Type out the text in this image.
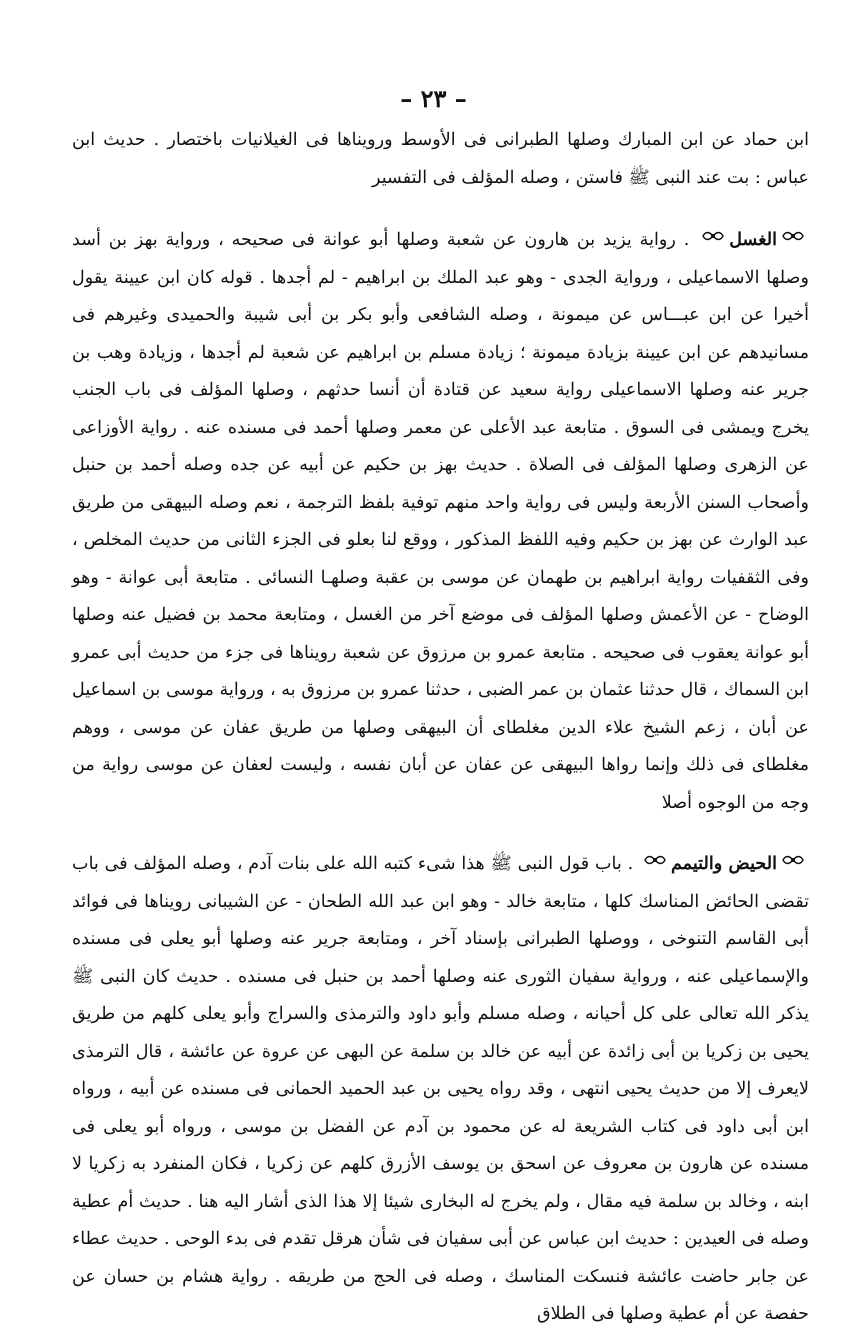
– ٢٣ –

ابن حماد عن ابن المبارك وصلها الطبرانى فى الأوسط ورويناها فى الغيلانيات باختصار . حديث ابن عباس : بت عند النبى ﷺ فاستن ، وصله المؤلف فى التفسير

الغسل . رواية يزيد بن هارون عن شعبة وصلها أبو عوانة فى صحيحه ، ورواية بهز بن أسد وصلها الاسماعيلى ، ورواية الجدى - وهو عبد الملك بن ابراهيم - لم أجدها . قوله كان ابن عيينة يقول أخيرا عن ابن عبـــاس عن ميمونة ، وصله الشافعى وأبو بكر بن أبى شيبة والحميدى وغيرهم فى مسانيدهم عن ابن عيينة بزيادة ميمونة ؛ زيادة مسلم بن ابراهيم عن شعبة لم أجدها ، وزيادة وهب بن جرير عنه وصلها الاسماعيلى رواية سعيد عن قتادة أن أنسا حدثهم ، وصلها المؤلف فى باب الجنب يخرج ويمشى فى السوق . متابعة عبد الأعلى عن معمر وصلها أحمد فى مسنده عنه . رواية الأوزاعى عن الزهرى وصلها المؤلف فى الصلاة . حديث بهز بن حكيم عن أبيه عن جده وصله أحمد بن حنبل وأصحاب السنن الأربعة وليس فى رواية واحد منهم توفية بلفظ الترجمة ، نعم وصله البيهقى من طريق عبد الوارث عن بهز بن حكيم وفيه اللفظ المذكور ، ووقع لنا بعلو فى الجزء الثانى من حديث المخلص ، وفى الثقفيات رواية ابراهيم بن طهمان عن موسى بن عقبة وصلهـا النسائى . متابعة أبى عوانة - وهو الوضاح - عن الأعمش وصلها المؤلف فى موضع آخر من الغسل ، ومتابعة محمد بن فضيل عنه وصلها أبو عوانة يعقوب فى صحيحه . متابعة عمرو بن مرزوق عن شعبة رويناها فى جزء من حديث أبى عمرو ابن السماك ، قال حدثنا عثمان بن عمر الضبى ، حدثنا عمرو بن مرزوق به ، ورواية موسى بن اسماعيل عن أبان ، زعم الشيخ علاء الدين مغلطاى أن البيهقى وصلها من طريق عفان عن موسى ، ووهم مغلطاى فى ذلك وإنما رواها البيهقى عن عفان عن أبان نفسه ، وليست لعفان عن موسى رواية من وجه من الوجوه أصلا

الحيض والتيمم . باب قول النبى ﷺ هذا شىء كتبه الله على بنات آدم ، وصله المؤلف فى باب تقضى الحائض المناسك كلها ، متابعة خالد - وهو ابن عبد الله الطحان - عن الشيبانى رويناها فى فوائد أبى القاسم التنوخى ، ووصلها الطبرانى بإسناد آخر ، ومتابعة جرير عنه وصلها أبو يعلى فى مسنده والإسماعيلى عنه ، ورواية سفيان الثورى عنه وصلها أحمد بن حنبل فى مسنده . حديث كان النبى ﷺ يذكر الله تعالى على كل أحيانه ، وصله مسلم وأبو داود والترمذى والسراج وأبو يعلى كلهم من طريق يحيى بن زكريا بن أبى زائدة عن أبيه عن خالد بن سلمة عن البهى عن عروة عن عائشة ، قال الترمذى لايعرف إلا من حديث يحيى انتهى ، وقد رواه يحيى بن عبد الحميد الحمانى فى مسنده عن أبيه ، ورواه ابن أبى داود فى كتاب الشريعة له عن محمود بن آدم عن الفضل بن موسى ، ورواه أبو يعلى فى مسنده عن هارون بن معروف عن اسحق بن يوسف الأزرق كلهم عن زكريا ، فكان المنفرد به زكريا لا ابنه ، وخالد بن سلمة فيه مقال ، ولم يخرج له البخارى شيئا إلا هذا الذى أشار اليه هنا . حديث أم عطية وصله فى العيدين : حديث ابن عباس عن أبى سفيان فى شأن هرقل تقدم فى بدء الوحى . حديث عطاء عن جابر حاضت عائشة فنسكت المناسك ، وصله فى الحج من طريقه . رواية هشام بن حسان عن حفصة عن أم عطية وصلها فى الطلاق
